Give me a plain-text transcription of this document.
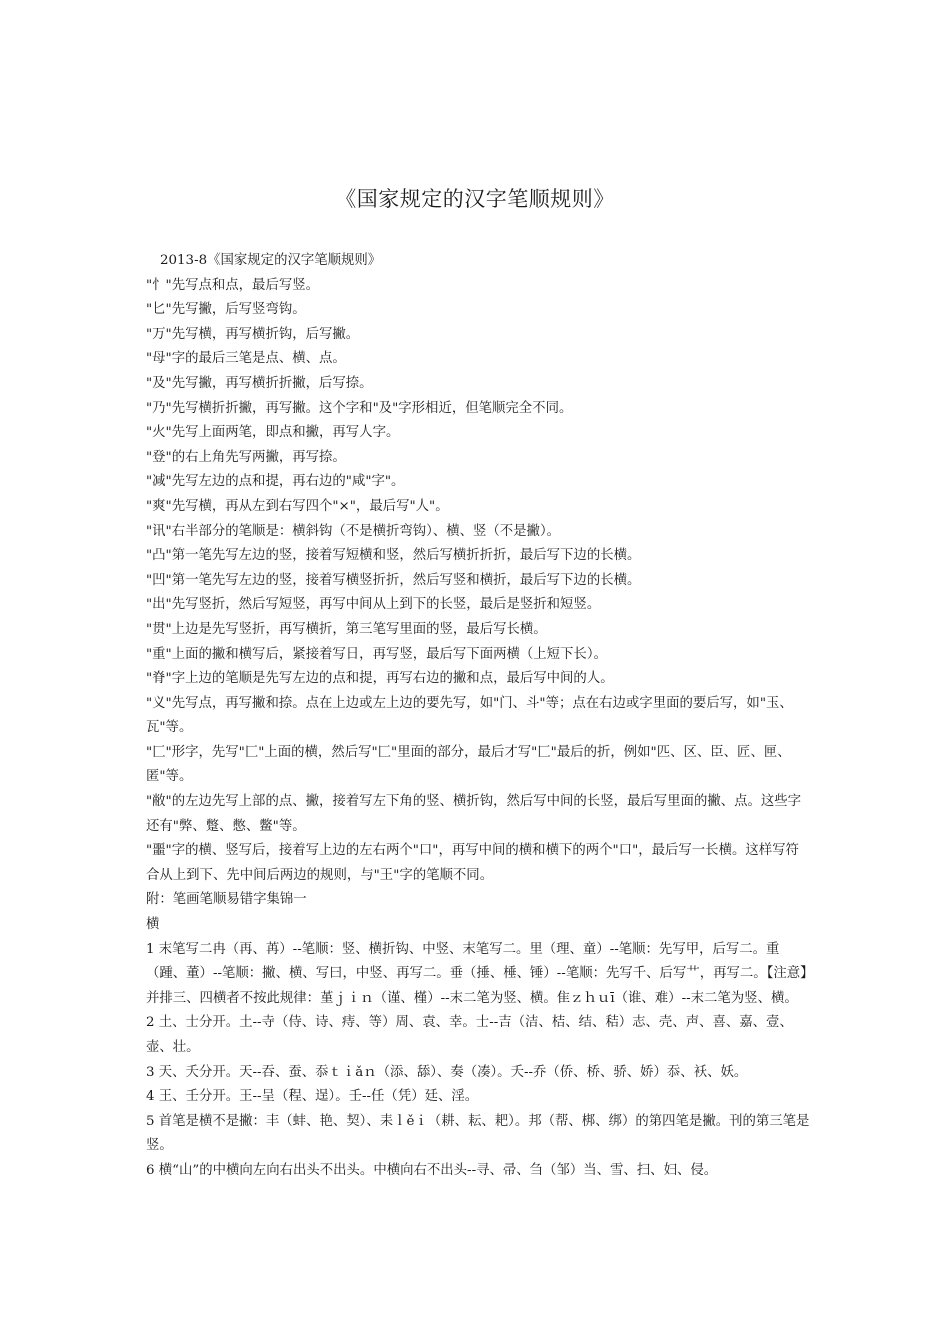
《国家规定的汉字笔顺规则》

2013-8《国家规定的汉字笔顺规则》

"忄"先写点和点，最后写竖。

"匕"先写撇，后写竖弯钩。

"万"先写横，再写横折钩，后写撇。

"母"字的最后三笔是点、横、点。

"及"先写撇，再写横折折撇，后写捺。

"乃"先写横折折撇，再写撇。这个字和"及"字形相近，但笔顺完全不同。

"火"先写上面两笔，即点和撇，再写人字。

"登"的右上角先写两撇，再写捺。

"减"先写左边的点和提，再右边的"咸"字"。

"爽"先写横，再从左到右写四个"×"，最后写"人"。

"讯"右半部分的笔顺是：横斜钩（不是横折弯钩）、横、竖（不是撇）。

"凸"第一笔先写左边的竖，接着写短横和竖，然后写横折折折，最后写下边的长横。

"凹"第一笔先写左边的竖，接着写横竖折折，然后写竖和横折，最后写下边的长横。

"出"先写竖折，然后写短竖，再写中间从上到下的长竖，最后是竖折和短竖。

"贯"上边是先写竖折，再写横折，第三笔写里面的竖，最后写长横。

"重"上面的撇和横写后，紧接着写日，再写竖，最后写下面两横（上短下长）。

"脊"字上边的笔顺是先写左边的点和提，再写右边的撇和点，最后写中间的人。

"义"先写点，再写撇和捺。点在上边或左上边的要先写，如"门、斗"等；点在右边或字里面的要后写，如"玉、瓦"等。

"匚"形字，先写"匚"上面的横，然后写"匚"里面的部分，最后才写"匚"最后的折，例如"匹、区、臣、匠、匣、匿"等。

"敝"的左边先写上部的点、撇，接着写左下角的竖、横折钩，然后写中间的长竖，最后写里面的撇、点。这些字还有"弊、蹩、憋、鳖"等。

"噩"字的横、竖写后，接着写上边的左右两个"口"，再写中间的横和横下的两个"口"，最后写一长横。这样写符合从上到下、先中间后两边的规则，与"王"字的笔顺不同。

附：笔画笔顺易错字集锦一

横

1 末笔写二冉（再、苒）--笔顺：竖、横折钩、中竖、末笔写二。里（理、童）--笔顺：先写甲，后写二。重（踵、董）--笔顺：撇、横、写曰，中竖、再写二。垂（捶、棰、锤）--笔顺：先写千、后写艹，再写二。【注意】并排三、四横者不按此规律：堇ｊｉｎ（谨、槿）--末二笔为竖、横。隹ｚｈｕī（谁、难）--末二笔为竖、横。

2 土、士分开。土--寺（侍、诗、痔、等）周、袁、幸。士--吉（洁、桔、结、秸）志、壳、声、喜、嘉、壹、壶、壮。

3 天、夭分开。天--吞、蚕、忝ｔｉǎｎ（添、舔）、奏（凑）。夭--乔（侨、桥、骄、娇）忝、袄、妖。

4 王、壬分开。王--呈（程、逞）。壬--任（凭）廷、淫。

5 首笔是横不是撇：丰（蚌、艳、契）、耒ｌěｉ（耕、耘、耙）。邦（帮、梆、绑）的第四笔是撇。刊的第三笔是竖。

6 横“山”的中横向左向右出头不出头。中横向右不出头--寻、帚、刍（邹）当、雪、扫、妇、侵。
